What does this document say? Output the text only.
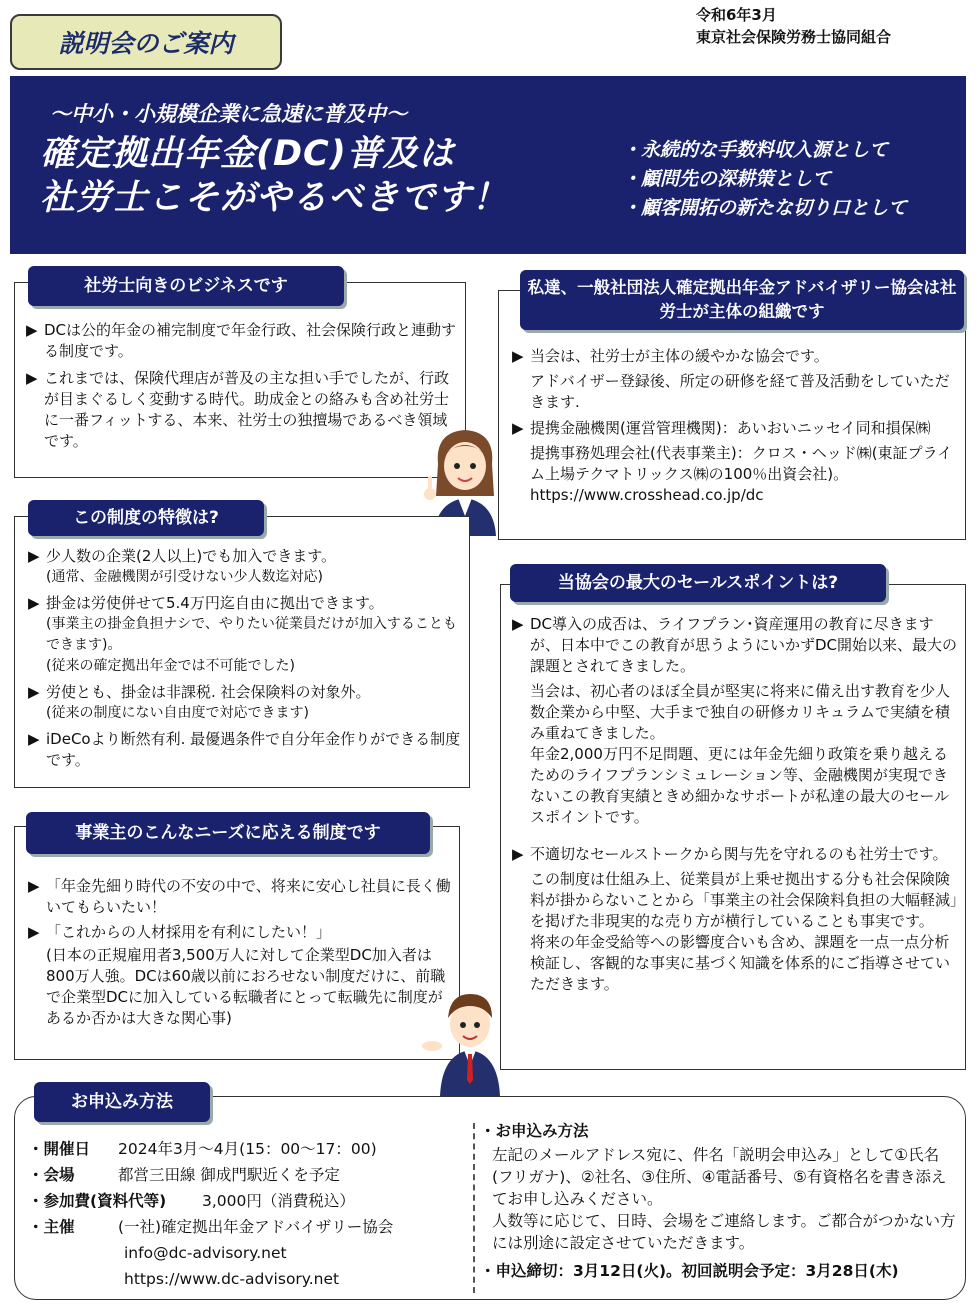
説明会のご案内
令和6年3月
東京社会保険労務士協同組合
〜中小・小規模企業に急速に普及中〜
確定拠出年金(DC)普及は
社労士こそがやるべきです！
・永続的な手数料収入源として
・顧問先の深耕策として
・顧客開拓の新たな切り口として
社労士向きのビジネスです
▶ DCは公的年金の補完制度で年金行政、社会保険行政と連動する制度です。
▶ これまでは、保険代理店が普及の主な担い手でしたが、行政が目まぐるしく変動する時代。助成金との絡みも含め社労士に一番フィットする、本来、社労士の独擅場であるべき領域です。
私達、一般社団法人確定拠出年金アドバイザリー協会は社労士が主体の組織です
▶ 当会は、社労士が主体の緩やかな協会です。

アドバイザー登録後、所定の研修を経て普及活動をしていただきます.

▶ 提携金融機関(運営管理機関)：あいおいニッセイ同和損保㈱

提携事務処理会社(代表事業主)：クロス・ヘッド㈱(東証プライム上場テクマトリックス㈱の100％出資会社)。 https://www.crosshead.co.jp/dc

この制度の特徴は?
▶ 少人数の企業(2人以上)でも加入できます。

(通常、金融機関が引受けない少人数迄対応)

▶ 掛金は労使併せて5.4万円迄自由に拠出できます。

(事業主の掛金負担ナシで、やりたい従業員だけが加入することもできます)。

(従来の確定拠出年金では不可能でした)

▶ 労使とも、掛金は非課税. 社会保険料の対象外。

(従来の制度にない自由度で対応できます)

▶ iDeCoより断然有利. 最優遇条件で自分年金作りができる制度です。
当協会の最大のセールスポイントは?
▶ DC導入の成否は、ライフプラン･資産運用の教育に尽きますが、日本中でこの教育が思うようにいかずDC開始以来、最大の課題とされてきました。

当会は、初心者のほぼ全員が堅実に将来に備え出す教育を少人数企業から中堅、大手まで独自の研修カリキュラムで実績を積み重ねてきました。

年金2,000万円不足問題、更には年金先細り政策を乗り越えるためのライフプランシミュレーション等、金融機関が実現できないこの教育実績ときめ細かなサポートが私達の最大のセールスポイントです。

▶ 不適切なセールストークから関与先を守れるのも社労士です。

この制度は仕組み上、従業員が上乗せ拠出する分も社会保険険料が掛からないことから「事業主の社会保険料負担の大幅軽減」を掲げた非現実的な売り方が横行していることも事実です。

将来の年金受給等への影響度合いも含め、課題を一点一点分析検証し、客観的な事実に基づく知識を体系的にご指導させていただきます。

事業主のこんなニーズに応える制度です
▶ 「年金先細り時代の不安の中で、将来に安心し社員に長く働いてもらいたい！
▶ 「これからの人材採用を有利にしたい！」

(日本の正規雇用者3,500万人に対して企業型DC加入者は800万人強。DCは60歳以前におろせない制度だけに、前職で企業型DCに加入している転職者にとって転職先に制度があるか否かは大きな関心事)

お申込み方法
・開催日	2024年3月〜4月(15：00〜17：00)
・会場	都営三田線 御成門駅近くを予定
・参加費(資料代等)	3,000円（消費税込）
・主催	(一社)確定拠出年金アドバイザリー協会
info@dc-advisory.net
https://www.dc-advisory.net
・お申込み方法

左記のメールアドレス宛に、件名「説明会申込み」として①氏名(フリガナ)、②社名、③住所、④電話番号、⑤有資格名を書き添えてお申し込みください。

人数等に応じて、日時、会場をご連絡します。ご都合がつかない方には別途に設定させていただきます。

・申込締切：3月12日(火)。初回説明会予定：3月28日(木)
